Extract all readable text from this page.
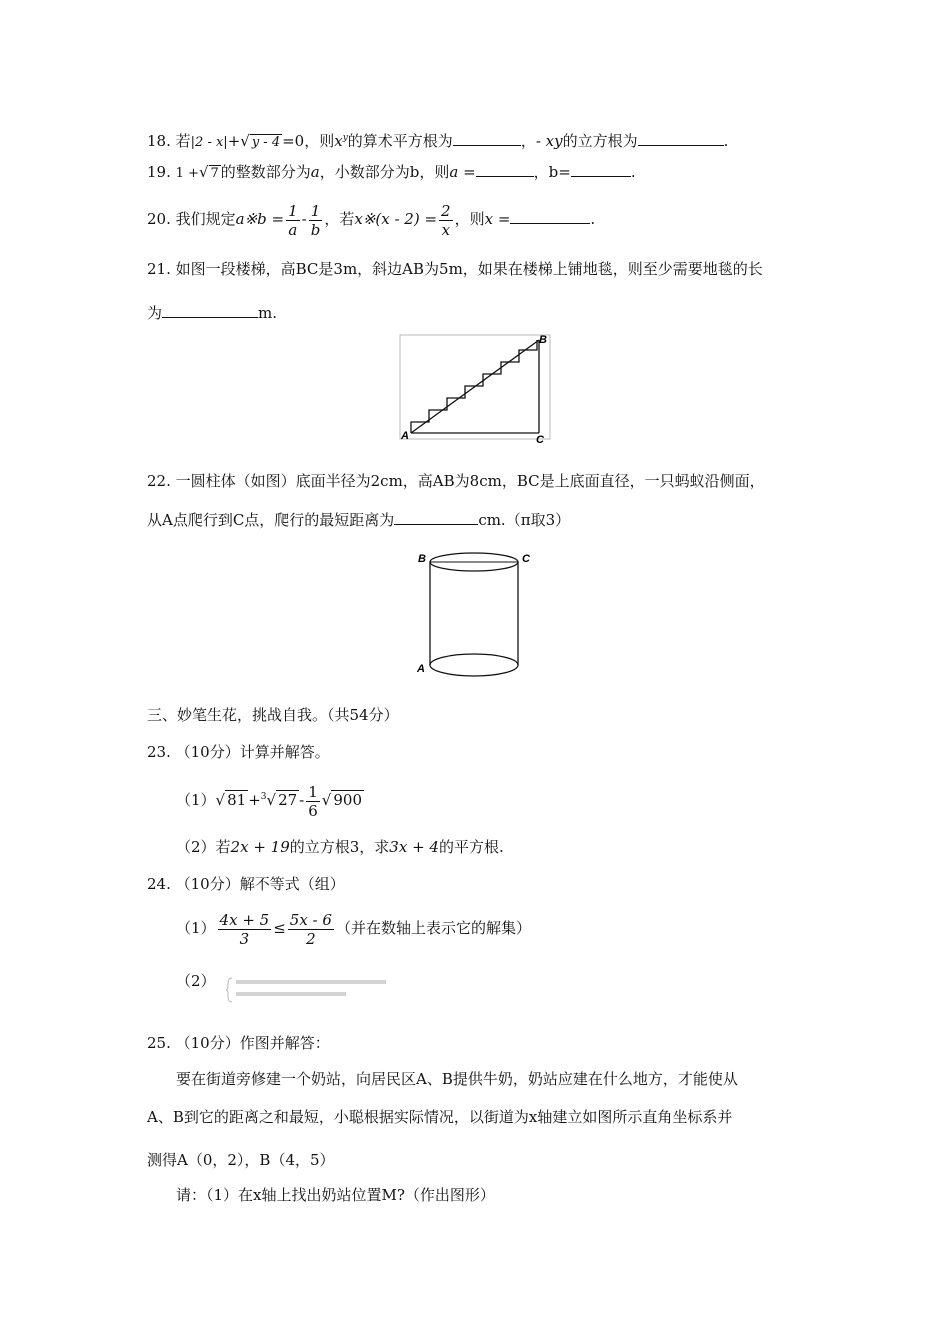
18. 若|2 - x|+√ y - 4 =0，则$x^y$的算术平方根为	，- xy的立方根为	.
19. 1 +√ 7 的整数部分为a，小数部分为b，则a =	，b=	.
20. 我们规定a※b = $\frac{1}{a} - \frac{1}{b}$ ，若x※(x - $2) = \frac{2}{x}$ ，则x =	.
21. 如图一段楼梯，高BC是3m，斜边AB为5m，如果在楼梯上铺地毯，则至少需要地毯的长
为	m.
A
B
C
22. 一圆柱体（如图）底面半径为2cm，高AB为8cm，BC是上底面直径，一只蚂蚁沿侧面，
从A点爬行到C点，爬行的最短距离为	cm.（π取3）
B	C
A
三、妙笔生花，挑战自我。（共54分）
23. （10分）计算并解答。
（1）√ 81 +$^3$√ $27 - \frac{1}{6}$ √ 900
（2）若2x + 19的立方根3，求3x + 4的平方根.
24. （10分）解不等式（组）
$(1) \frac{4x + 5}{3} \le \frac{5x - 6}{2}$ （并在数轴上表示它的解集）
（2）
25. （10分）作图并解答：
要在街道旁修建一个奶站，向居民区A、B提供牛奶，奶站应建在什么地方，才能使从
A、B到它的距离之和最短，小聪根据实际情况，以街道为x轴建立如图所示直角坐标系并
测得A（0，2），B（4，5）
请：（1）在x轴上找出奶站位置M?（作出图形）
